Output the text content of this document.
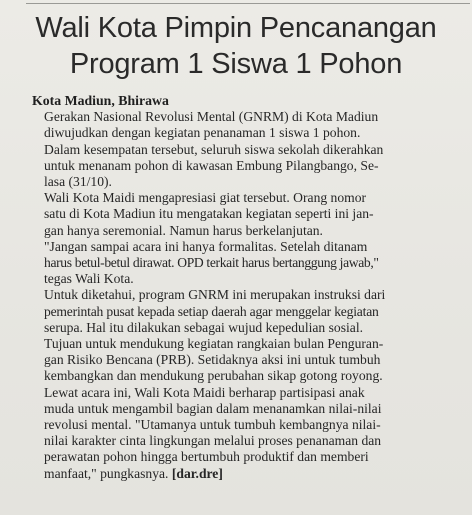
Wali Kota Pimpin Pencanangan
Program 1 Siswa 1 Pohon

Kota Madiun, Bhirawa

Gerakan Nasional Revolusi Mental (GNRM) di Kota Madiun
diwujudkan dengan kegiatan penanaman 1 siswa 1 pohon.
Dalam kesempatan tersebut, seluruh siswa sekolah dikerahkan
untuk menanam pohon di kawasan Embung Pilangbango, Se-
lasa (31/10).

Wali Kota Maidi mengapresiasi giat tersebut. Orang nomor
satu di Kota Madiun itu mengatakan kegiatan seperti ini jan-
gan hanya seremonial. Namun harus berkelanjutan.

"Jangan sampai acara ini hanya formalitas. Setelah ditanam
harus betul-betul dirawat. OPD terkait harus bertanggung jawab,"
tegas Wali Kota.

Untuk diketahui, program GNRM ini merupakan instruksi dari
pemerintah pusat kepada setiap daerah agar menggelar kegiatan
serupa. Hal itu dilakukan sebagai wujud kepedulian sosial.

Tujuan untuk mendukung kegiatan rangkaian bulan Penguran-
gan Risiko Bencana (PRB). Setidaknya aksi ini untuk tumbuh
kembangkan dan mendukung perubahan sikap gotong royong.

Lewat acara ini, Wali Kota Maidi berharap partisipasi anak
muda untuk mengambil bagian dalam menanamkan nilai-nilai
revolusi mental. "Utamanya untuk tumbuh kembangnya nilai-
nilai karakter cinta lingkungan melalui proses penanaman dan
perawatan pohon hingga bertumbuh produktif dan memberi
manfaat," pungkasnya. [dar.dre]
